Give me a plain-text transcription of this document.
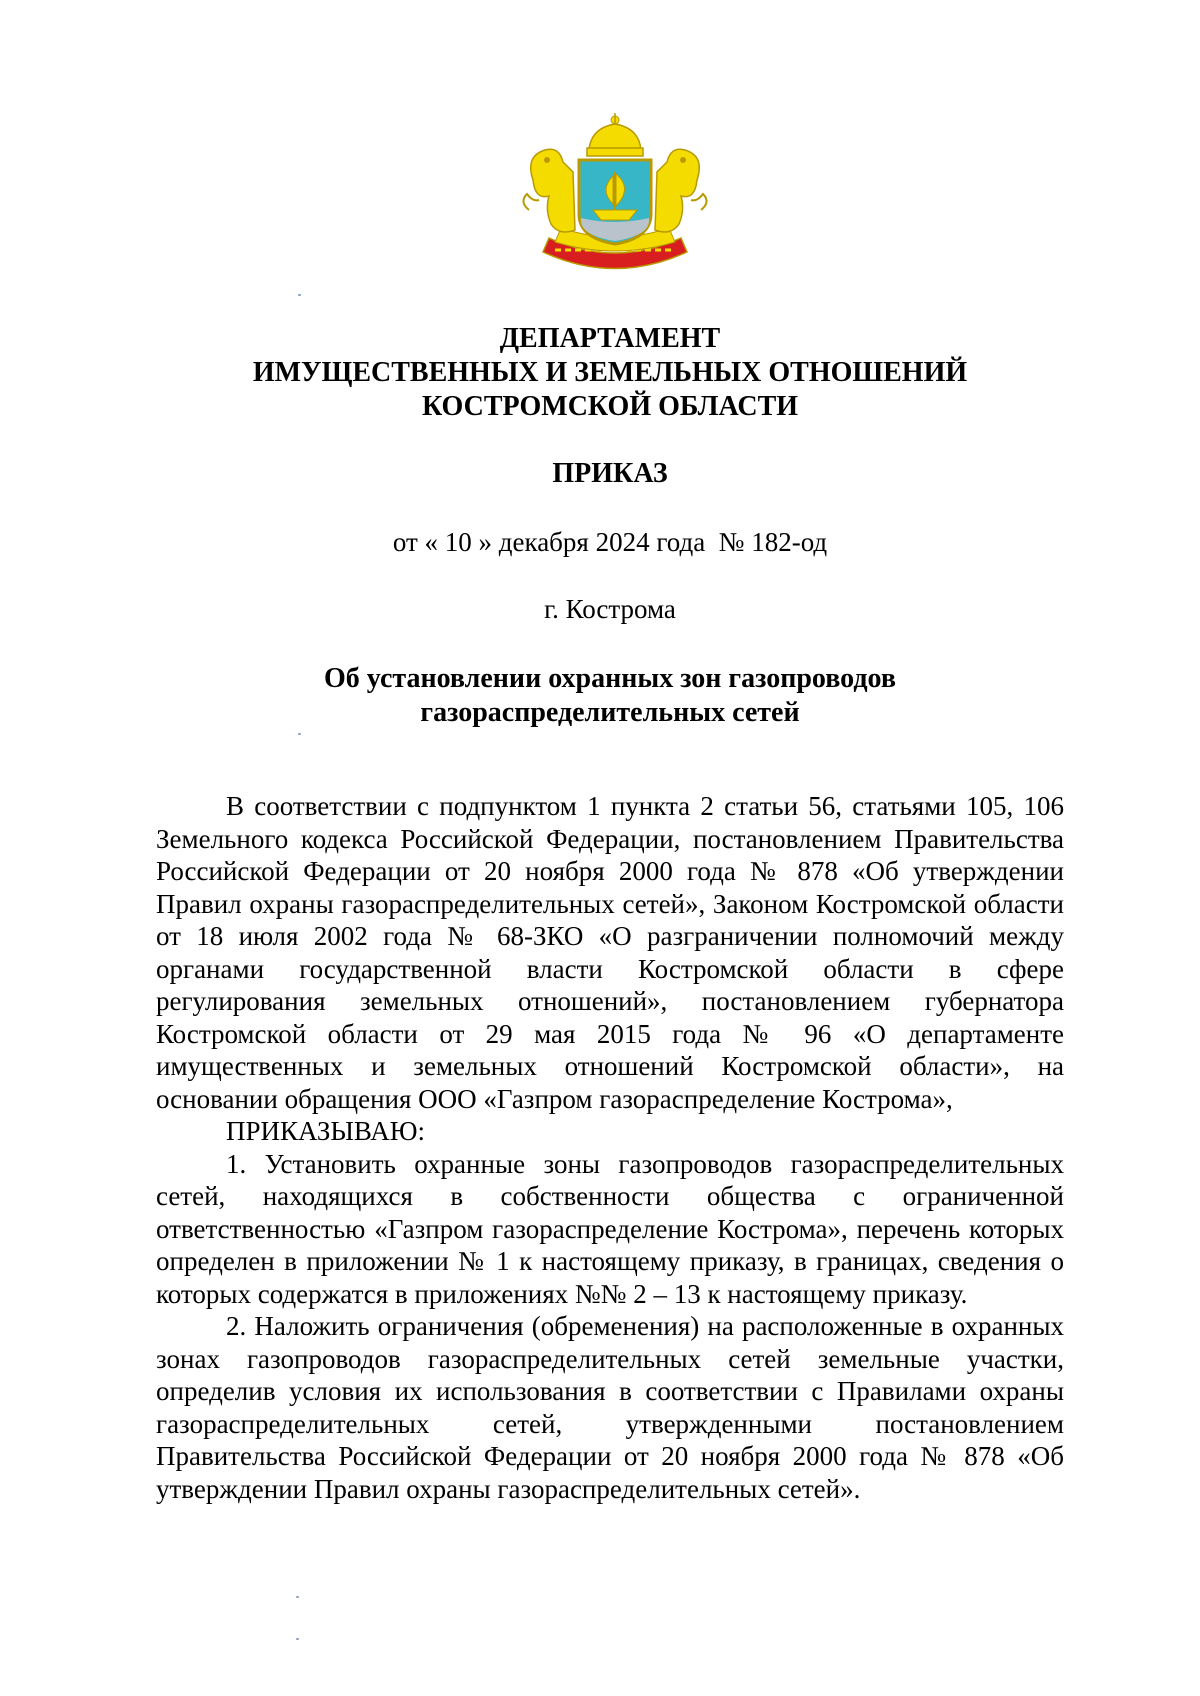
ДЕПАРТАМЕНТ
ИМУЩЕСТВЕННЫХ И ЗЕМЕЛЬНЫХ ОТНОШЕНИЙ
КОСТРОМСКОЙ ОБЛАСТИ
ПРИКАЗ
от « 10 » декабря 2024 года  № 182-од
г. Кострома
Об установлении охранных зон газопроводов
газораспределительных сетей

В соответствии с подпунктом 1 пункта 2 статьи 56, статьями 105, 106 Земельного кодекса Российской Федерации, постановлением Правительства Российской Федерации от 20 ноября 2000 года № 878 «Об утверждении Правил охраны газораспределительных сетей», Законом Костромской области от 18 июля 2002 года № 68-ЗКО «О разграничении полномочий между органами государственной власти Костромской области в сфере регулирования земельных отношений», постановлением губернатора Костромской области от 29 мая 2015 года № 96 «О департаменте имущественных и земельных отношений Костромской области», на основании обращения ООО «Газпром газораспределение Кострома»,

ПРИКАЗЫВАЮ:

1. Установить охранные зоны газопроводов газораспределительных сетей, находящихся в собственности общества с ограниченной ответственностью «Газпром газораспределение Кострома», перечень которых определен в приложении № 1 к настоящему приказу, в границах, сведения о которых содержатся в приложениях №№ 2 – 13 к настоящему приказу.

2. Наложить ограничения (обременения) на расположенные в охранных зонах газопроводов газораспределительных сетей земельные участки, определив условия их использования в соответствии с Правилами охраны газораспределительных сетей, утвержденными постановлением Правительства Российской Федерации от 20 ноября 2000 года № 878 «Об утверждении Правил охраны газораспределительных сетей».
